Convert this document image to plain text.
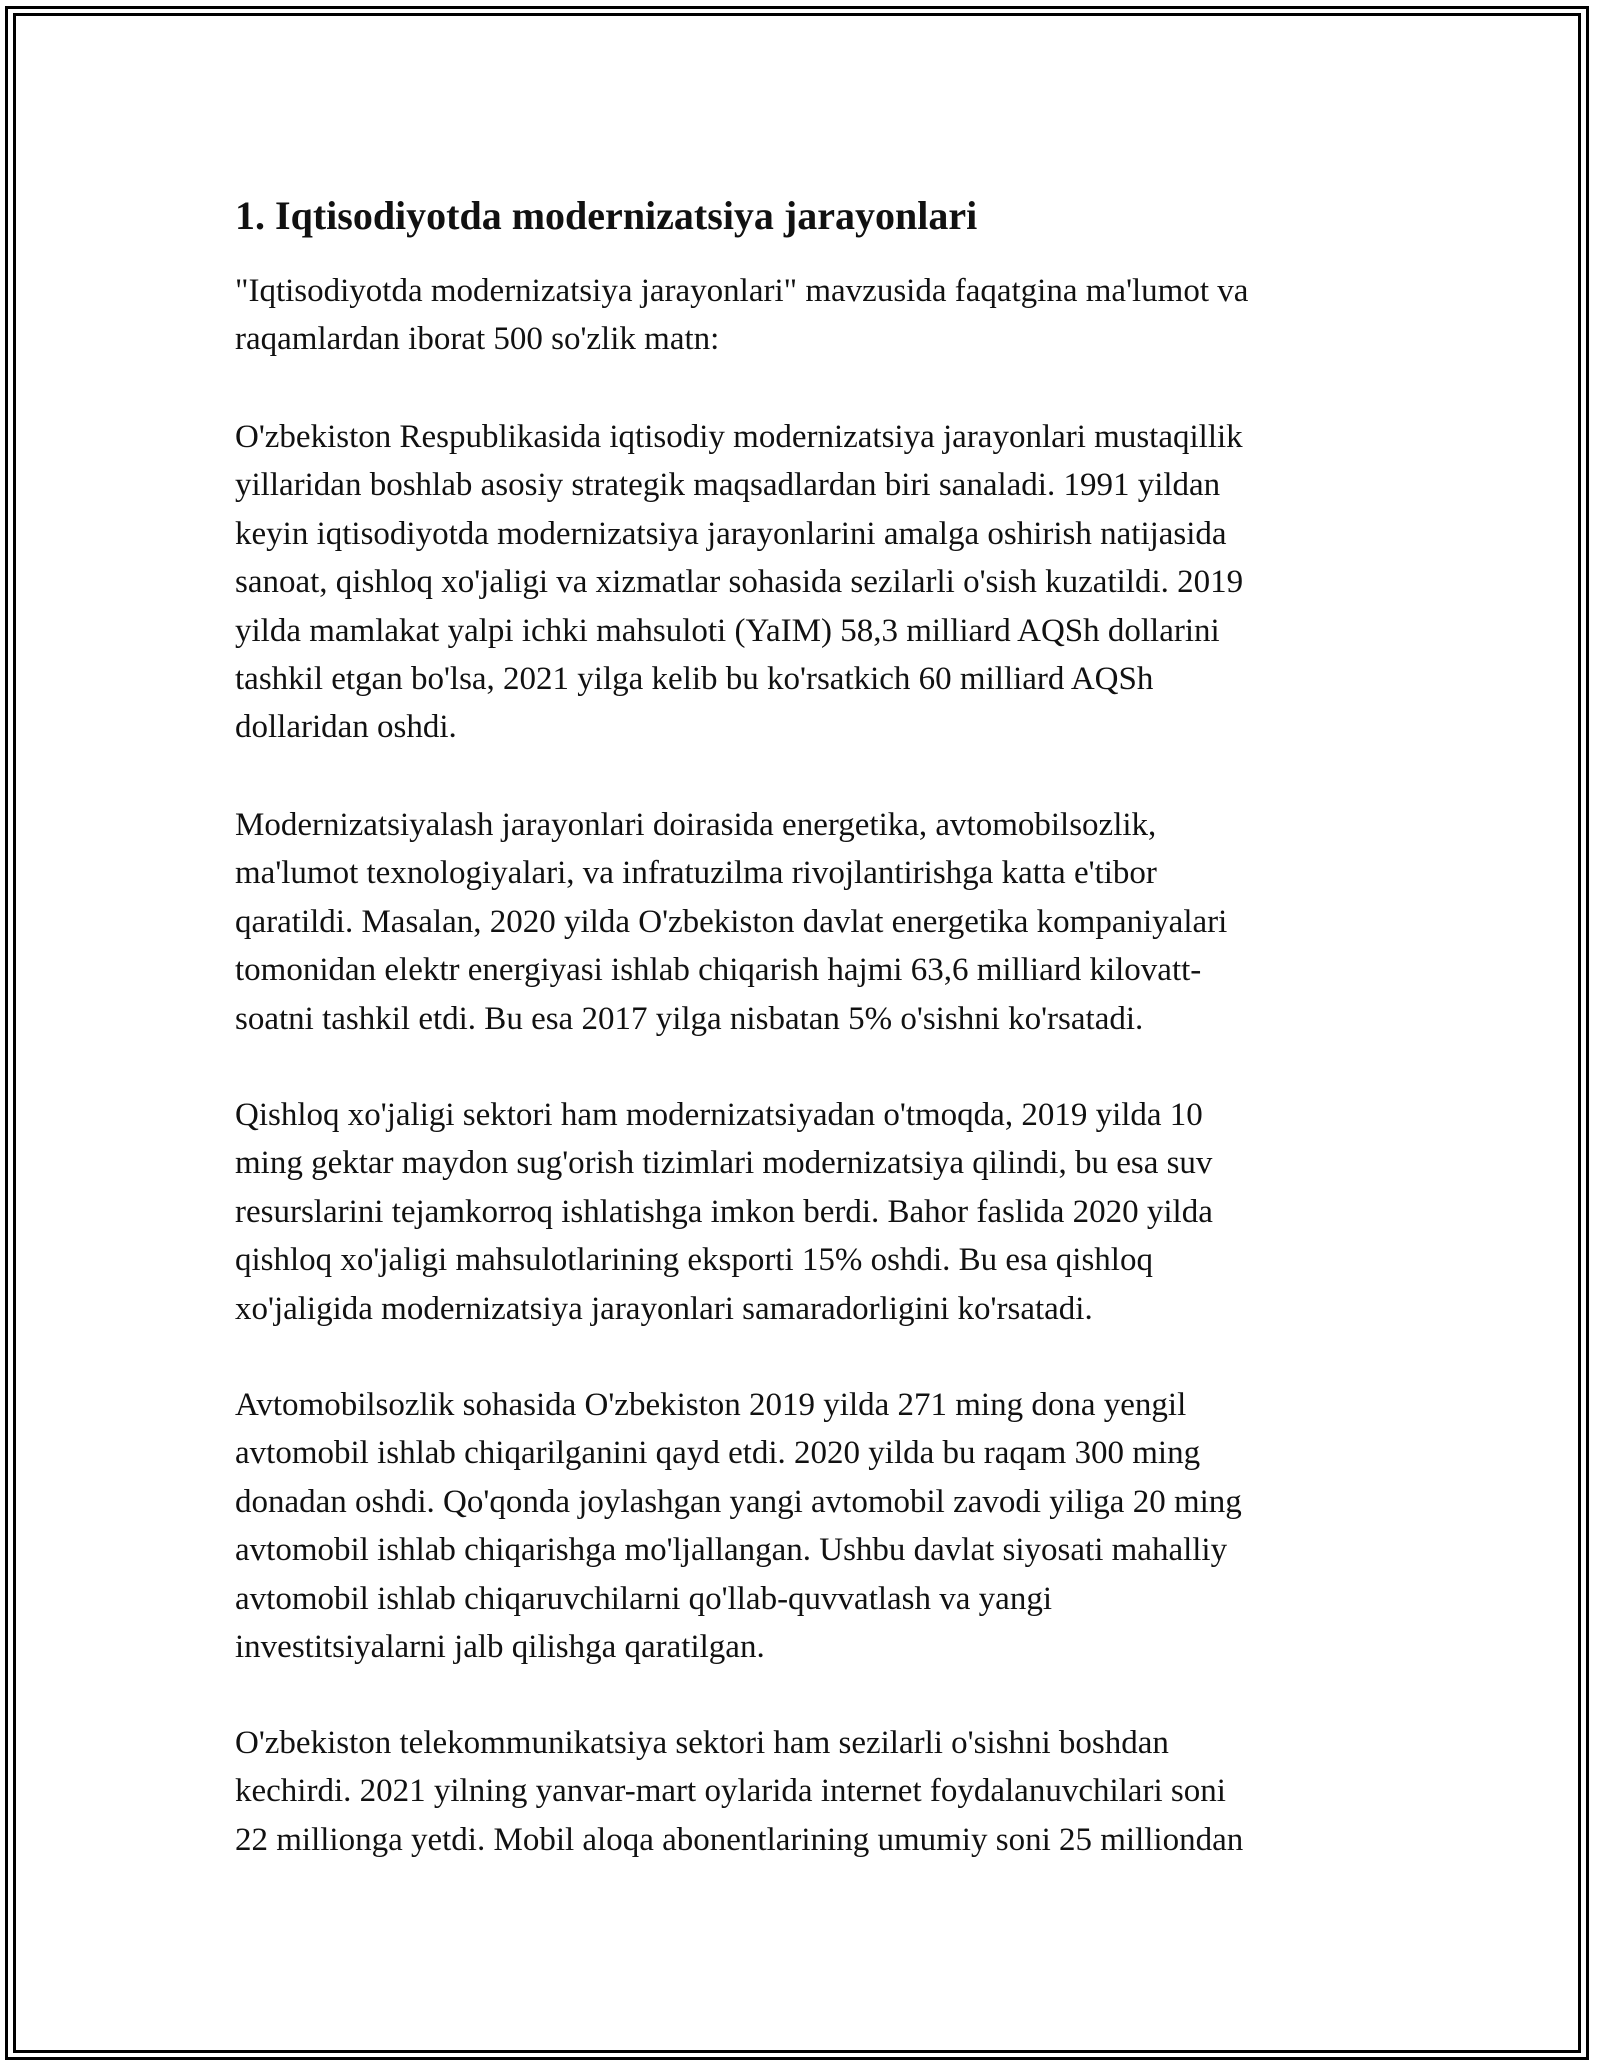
1. Iqtisodiyotda modernizatsiya jarayonlari

"Iqtisodiyotda modernizatsiya jarayonlari" mavzusida faqatgina ma'lumot va
raqamlardan iborat 500 so'zlik matn:

O'zbekiston Respublikasida iqtisodiy modernizatsiya jarayonlari mustaqillik
yillaridan boshlab asosiy strategik maqsadlardan biri sanaladi. 1991 yildan
keyin iqtisodiyotda modernizatsiya jarayonlarini amalga oshirish natijasida
sanoat, qishloq xo'jaligi va xizmatlar sohasida sezilarli o'sish kuzatildi. 2019
yilda mamlakat yalpi ichki mahsuloti (YaIM) 58,3 milliard AQSh dollarini
tashkil etgan bo'lsa, 2021 yilga kelib bu ko'rsatkich 60 milliard AQSh
dollaridan oshdi.

Modernizatsiyalash jarayonlari doirasida energetika, avtomobilsozlik,
ma'lumot texnologiyalari, va infratuzilma rivojlantirishga katta e'tibor
qaratildi. Masalan, 2020 yilda O'zbekiston davlat energetika kompaniyalari
tomonidan elektr energiyasi ishlab chiqarish hajmi 63,6 milliard kilovatt-
soatni tashkil etdi. Bu esa 2017 yilga nisbatan 5% o'sishni ko'rsatadi.

Qishloq xo'jaligi sektori ham modernizatsiyadan o'tmoqda, 2019 yilda 10
ming gektar maydon sug'orish tizimlari modernizatsiya qilindi, bu esa suv
resurslarini tejamkorroq ishlatishga imkon berdi. Bahor faslida 2020 yilda
qishloq xo'jaligi mahsulotlarining eksporti 15% oshdi. Bu esa qishloq
xo'jaligida modernizatsiya jarayonlari samaradorligini ko'rsatadi.

Avtomobilsozlik sohasida O'zbekiston 2019 yilda 271 ming dona yengil
avtomobil ishlab chiqarilganini qayd etdi. 2020 yilda bu raqam 300 ming
donadan oshdi. Qo'qonda joylashgan yangi avtomobil zavodi yiliga 20 ming
avtomobil ishlab chiqarishga mo'ljallangan. Ushbu davlat siyosati mahalliy
avtomobil ishlab chiqaruvchilarni qo'llab-quvvatlash va yangi
investitsiyalarni jalb qilishga qaratilgan.

O'zbekiston telekommunikatsiya sektori ham sezilarli o'sishni boshdan
kechirdi. 2021 yilning yanvar-mart oylarida internet foydalanuvchilari soni
22 millionga yetdi. Mobil aloqa abonentlarining umumiy soni 25 milliondan
